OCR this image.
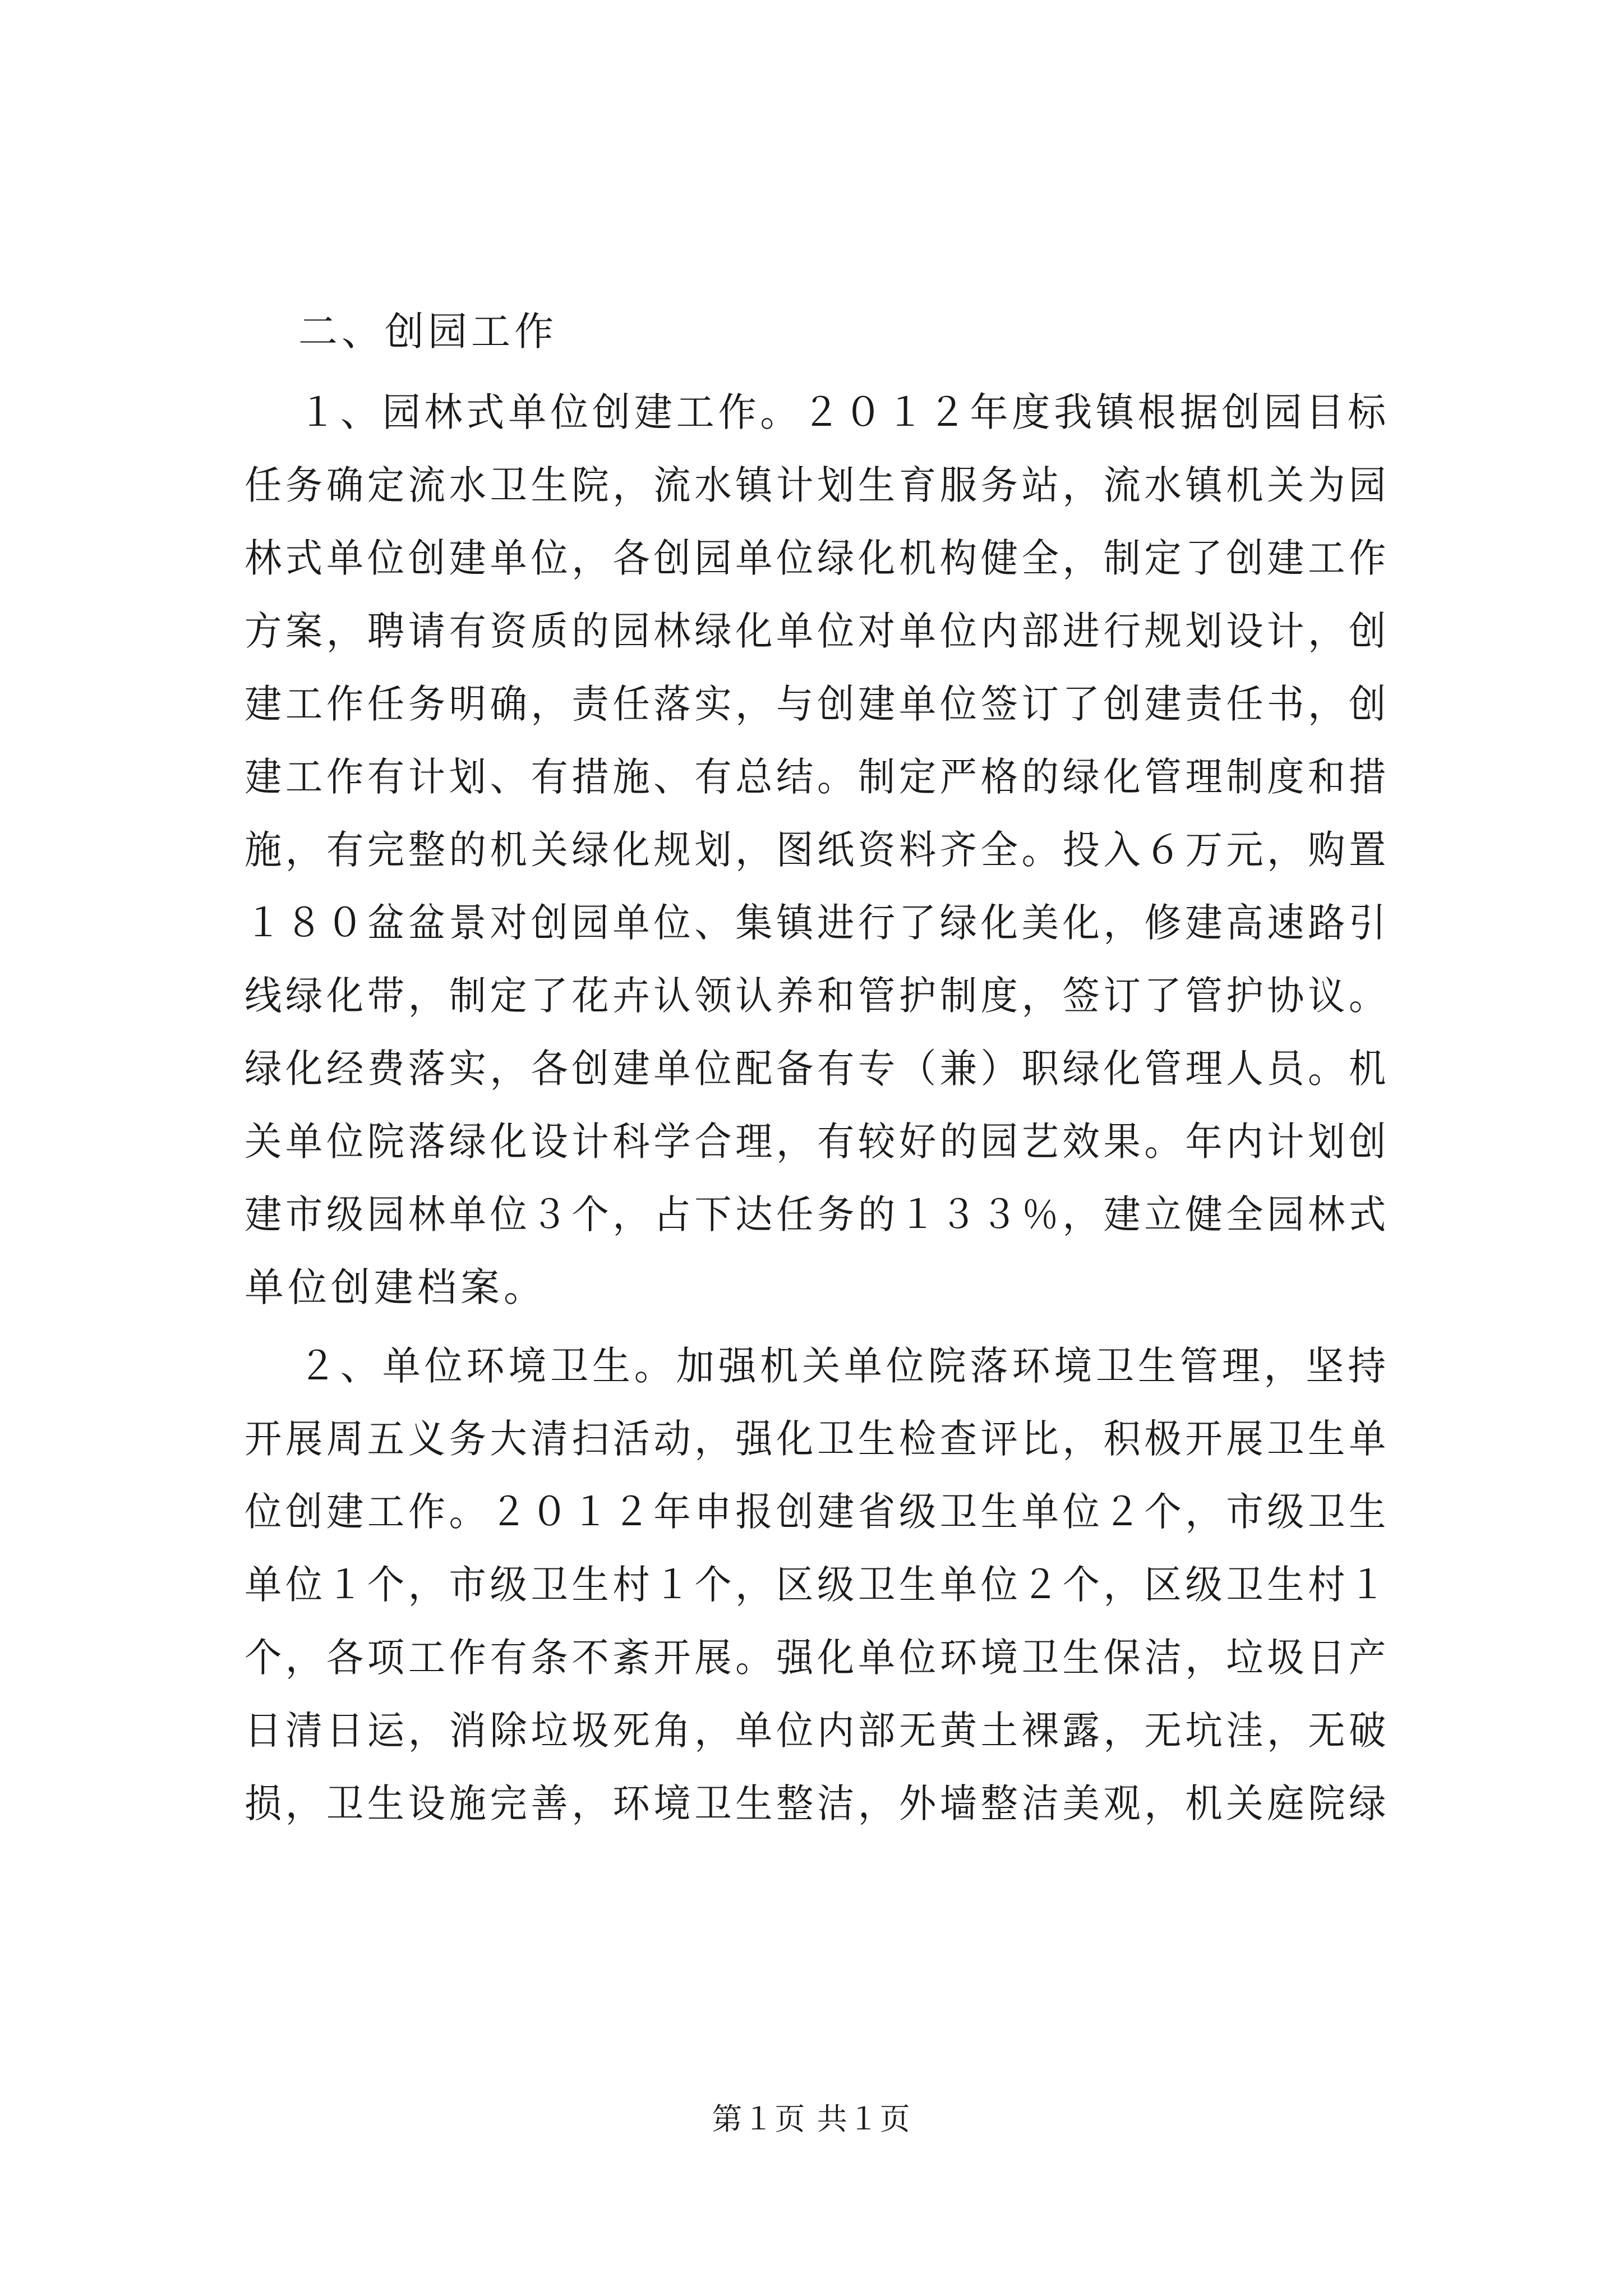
二、创园工作

１、园林式单位创建工作。２０１２年度我镇根据创园目标

任务确定流水卫生院，流水镇计划生育服务站，流水镇机关为园

林式单位创建单位，各创园单位绿化机构健全，制定了创建工作

方案，聘请有资质的园林绿化单位对单位内部进行规划设计，创

建工作任务明确，责任落实，与创建单位签订了创建责任书，创

建工作有计划、有措施、有总结。制定严格的绿化管理制度和措

施，有完整的机关绿化规划，图纸资料齐全。投入６万元，购置

１８０盆盆景对创园单位、集镇进行了绿化美化，修建高速路引

线绿化带，制定了花卉认领认养和管护制度，签订了管护协议。

绿化经费落实，各创建单位配备有专（兼）职绿化管理人员。机

关单位院落绿化设计科学合理，有较好的园艺效果。年内计划创

建市级园林单位３个，占下达任务的１３３％，建立健全园林式

单位创建档案。

２、单位环境卫生。加强机关单位院落环境卫生管理，坚持

开展周五义务大清扫活动，强化卫生检查评比，积极开展卫生单

位创建工作。２０１２年申报创建省级卫生单位２个，市级卫生

单位１个，市级卫生村１个，区级卫生单位２个，区级卫生村１

个，各项工作有条不紊开展。强化单位环境卫生保洁，垃圾日产

日清日运，消除垃圾死角，单位内部无黄土裸露，无坑洼，无破

损，卫生设施完善，环境卫生整洁，外墙整洁美观，机关庭院绿

第１页 共１页
